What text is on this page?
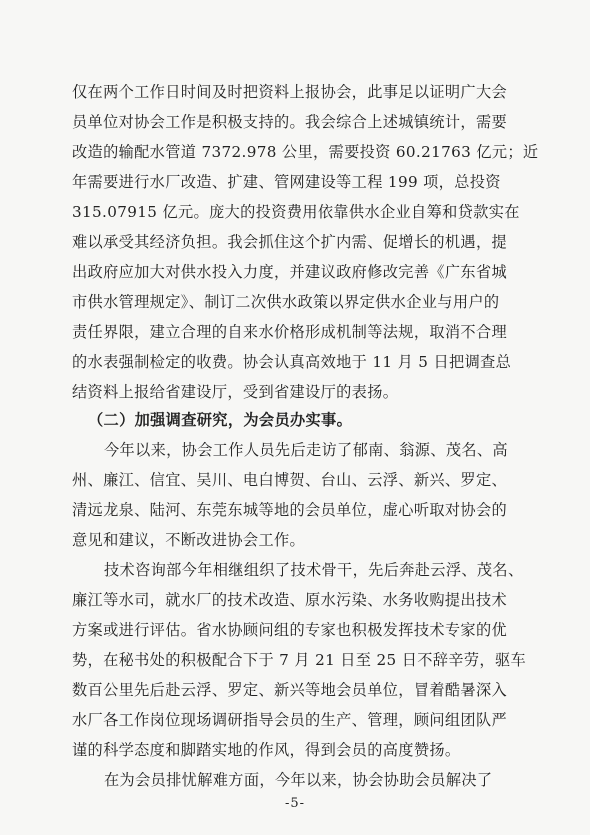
仅在两个工作日时间及时把资料上报协会，此事足以证明广大会
员单位对协会工作是积极支持的。我会综合上述城镇统计，需要
改造的输配水管道 7372.978 公里，需要投资 60.21763 亿元；近
年需要进行水厂改造、扩建、管网建设等工程 199 项，总投资
315.07915 亿元。庞大的投资费用依靠供水企业自筹和贷款实在
难以承受其经济负担。我会抓住这个扩内需、促增长的机遇，提
出政府应加大对供水投入力度，并建议政府修改完善《广东省城
市供水管理规定》、制订二次供水政策以界定供水企业与用户的
责任界限，建立合理的自来水价格形成机制等法规，取消不合理
的水表强制检定的收费。协会认真高效地于 11 月 5 日把调查总
结资料上报给省建设厅，受到省建设厅的表扬。
（二）加强调查研究，为会员办实事。
今年以来，协会工作人员先后走访了郁南、翁源、茂名、高
州、廉江、信宜、吴川、电白博贺、台山、云浮、新兴、罗定、
清远龙泉、陆河、东莞东城等地的会员单位，虚心听取对协会的
意见和建议，不断改进协会工作。
技术咨询部今年相继组织了技术骨干，先后奔赴云浮、茂名、
廉江等水司，就水厂的技术改造、原水污染、水务收购提出技术
方案或进行评估。省水协顾问组的专家也积极发挥技术专家的优
势，在秘书处的积极配合下于 7 月 21 日至 25 日不辞辛劳，驱车
数百公里先后赴云浮、罗定、新兴等地会员单位，冒着酷暑深入
水厂各工作岗位现场调研指导会员的生产、管理，顾问组团队严
谨的科学态度和脚踏实地的作风，得到会员的高度赞扬。
在为会员排忧解难方面，今年以来，协会协助会员解决了
-5-
